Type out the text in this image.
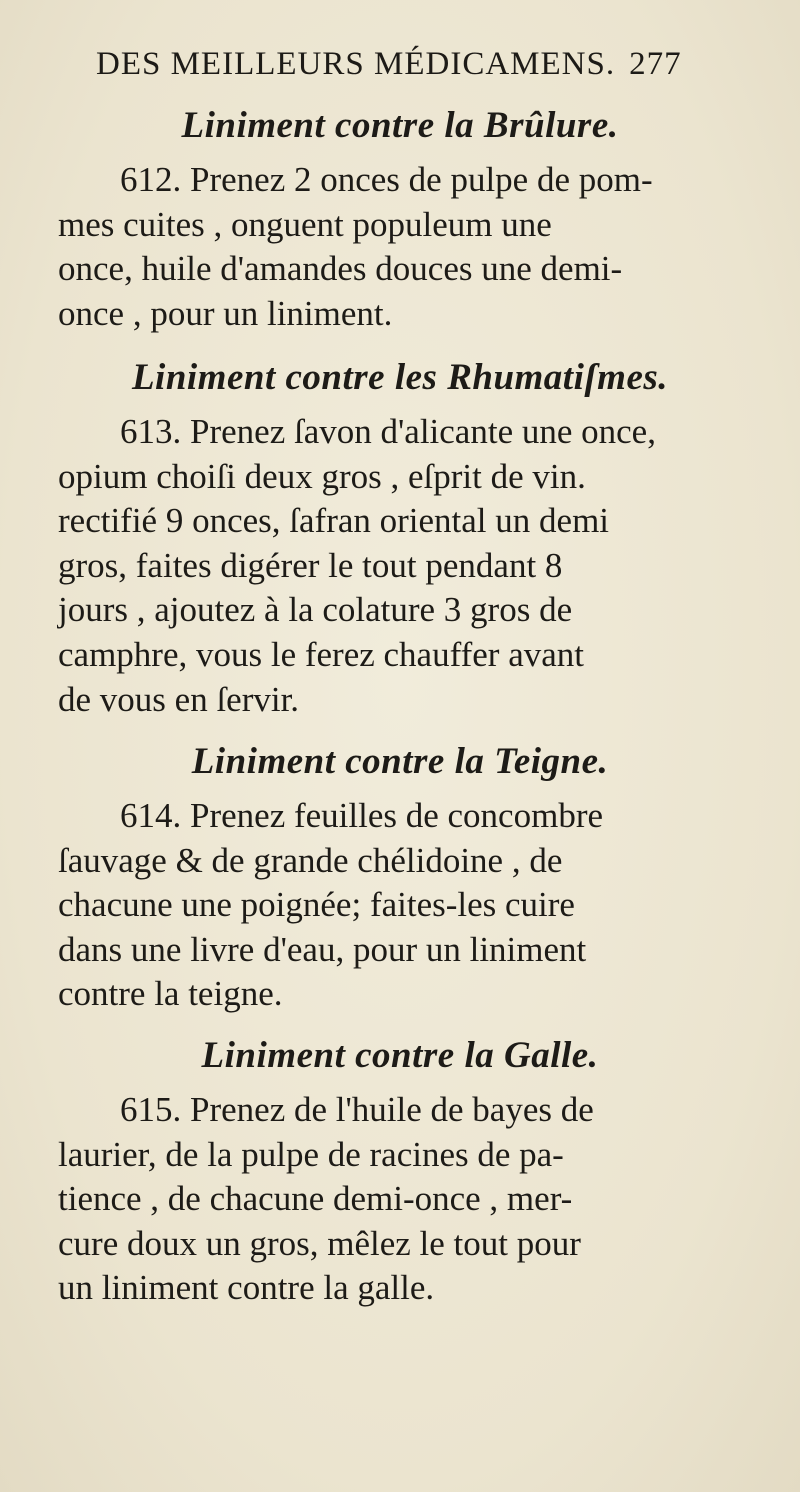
DES MEILLEURS MÉDICAMENS. 277
Liniment contre la Brûlure.
612. Prenez 2 onces de pulpe de pom-
mes cuites , onguent populeum une
once, huile d'amandes douces une demi-
once , pour un liniment.
Liniment contre les Rhumatiſmes.
613. Prenez ſavon d'alicante une once,
opium choiſi deux gros , eſprit de vin.
rectifié 9 onces, ſafran oriental un demi
gros, faites digérer le tout pendant 8
jours , ajoutez à la colature 3 gros de
camphre, vous le ferez chauffer avant
de vous en ſervir.
Liniment contre la Teigne.
614. Prenez feuilles de concombre
ſauvage & de grande chélidoine , de
chacune une poignée; faites-les cuire
dans une livre d'eau, pour un liniment
contre la teigne.
Liniment contre la Galle.
615. Prenez de l'huile de bayes de
laurier, de la pulpe de racines de pa-
tience , de chacune demi-once , mer-
cure doux un gros, mêlez le tout pour
un liniment contre la galle.
